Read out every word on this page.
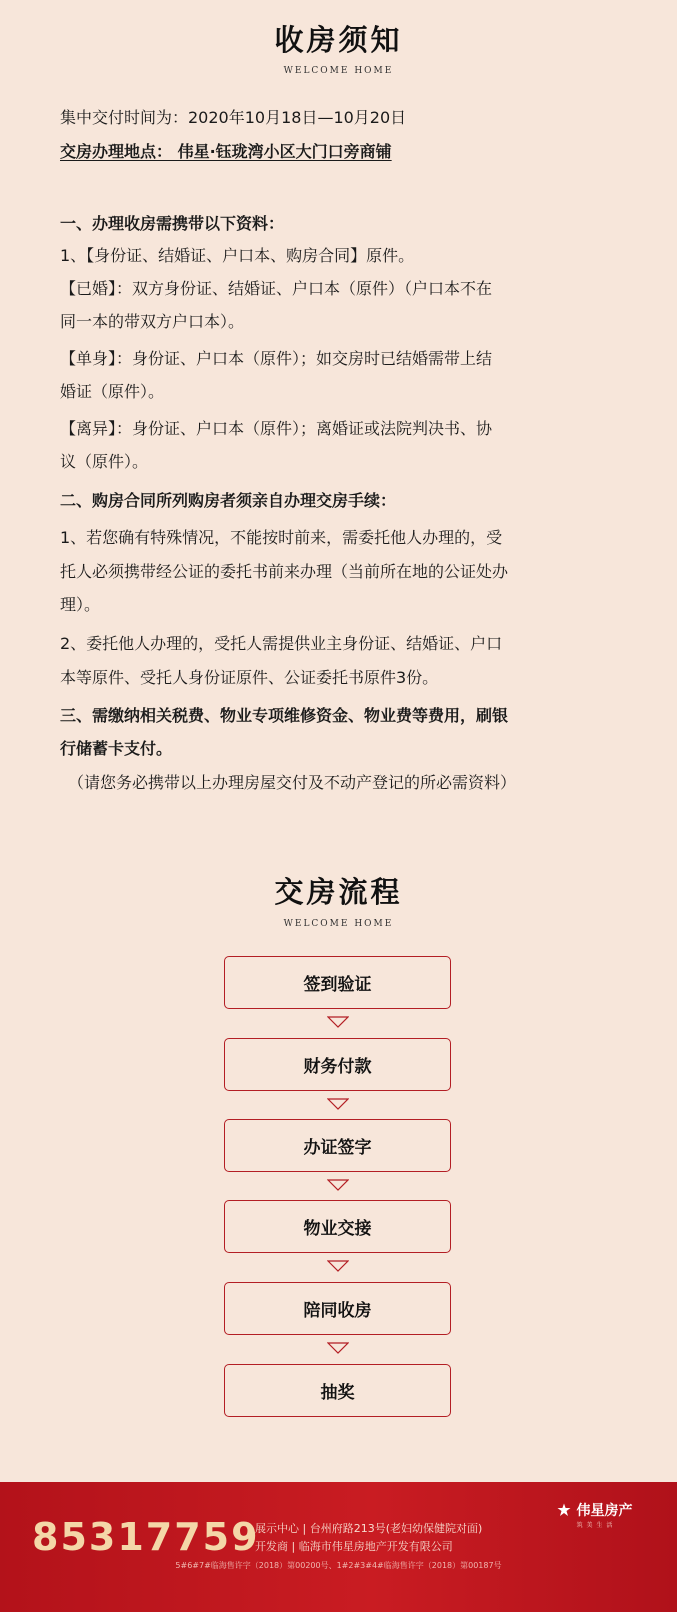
收房须知
WELCOME HOME
集中交付时间为：2020年10月18日—10月20日
交房办理地点： 伟星·钰珑湾小区大门口旁商铺
一、办理收房需携带以下资料：
1、【身份证、结婚证、户口本、购房合同】原件。
【已婚】：双方身份证、结婚证、户口本（原件）（户口本不在
同一本的带双方户口本）。
【单身】：身份证、户口本（原件）；如交房时已结婚需带上结
婚证（原件）。
【离异】：身份证、户口本（原件）；离婚证或法院判决书、协
议（原件）。
二、购房合同所列购房者须亲自办理交房手续：
1、若您确有特殊情况，不能按时前来，需委托他人办理的，受
托人必须携带经公证的委托书前来办理（当前所在地的公证处办
理）。
2、委托他人办理的，受托人需提供业主身份证、结婚证、户口
本等原件、受托人身份证原件、公证委托书原件3份。
三、需缴纳相关税费、物业专项维修资金、物业费等费用，刷银
行储蓄卡支付。
（请您务必携带以上办理房屋交付及不动产登记的所必需资料）
交房流程
WELCOME HOME
签到验证
财务付款
办证签字
物业交接
陪同收房
抽奖
85317759
展示中心 | 台州府路213号(老妇幼保健院对面)
开发商 | 临海市伟星房地产开发有限公司
伟星房产
筑 美 生 活
5#6#7#临海售许字（2018）第00200号、1#2#3#4#临海售许字（2018）第00187号
